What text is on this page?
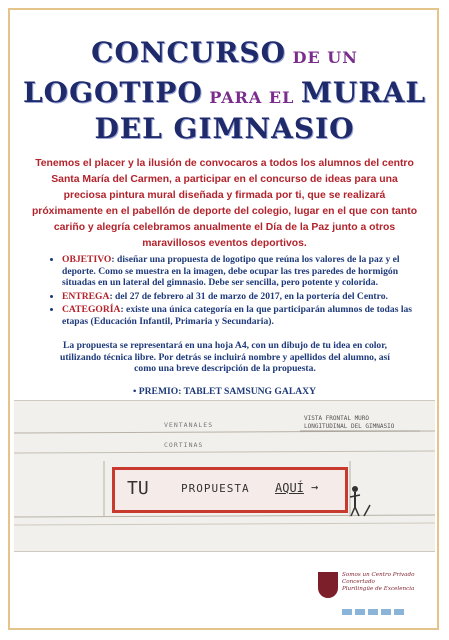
CONCURSO DE UN
LOGOTIPO PARA EL MURAL
DEL GIMNASIO
Tenemos el placer y la ilusión de convocaros a todos los alumnos del centro Santa María del Carmen, a participar en el concurso de ideas para una preciosa pintura mural diseñada y firmada por ti, que se realizará próximamente en el pabellón de deporte del colegio, lugar en el que con tanto cariño y alegría celebramos anualmente el Día de la Paz junto a otros maravillosos eventos deportivos.
• OBJETIVO: diseñar una propuesta de logotipo que reúna los valores de la paz y el deporte. Como se muestra en la imagen, debe ocupar las tres paredes de hormigón situadas en un lateral del gimnasio. Debe ser sencilla, pero potente y colorida.
• ENTREGA: del 27 de febrero al 31 de marzo de 2017, en la portería del Centro.
• CATEGORÍA: existe una única categoría en la que participarán alumnos de todas las etapas (Educación Infantil, Primaria y Secundaria).
La propuesta se representará en una hoja A4, con un dibujo de tu idea en color, utilizando técnica libre. Por detrás se incluirá nombre y apellidos del alumno, así como una breve descripción de la propuesta.
• PREMIO: TABLET SAMSUNG GALAXY
VISTA FRONTAL MURO LONGITUDINAL DEL GIMNASIO
VENTANALES
CORTINAS
TU	PROPUESTA AQUÍ →
Somos un Centro Privado Concertado
Plurilingüe de Excelencia
